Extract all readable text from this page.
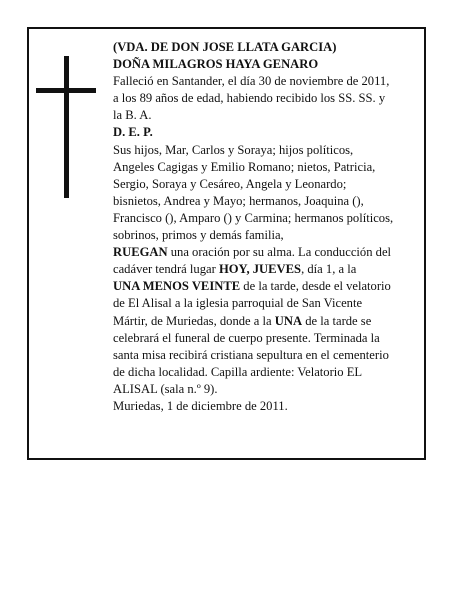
(VDA. DE DON JOSE LLATA GARCIA)
DOÑA MILAGROS HAYA GENARO
Falleció en Santander, el día 30 de noviembre de 2011,
a los 89 años de edad, habiendo recibido los SS. SS. y
la B. A.
D. E. P.
Sus hijos, Mar, Carlos y Soraya; hijos políticos,
Angeles Cagigas y Emilio Romano; nietos, Patricia,
Sergio, Soraya y Cesáreo, Angela y Leonardo;
bisnietos, Andrea y Mayo; hermanos, Joaquina (),
Francisco (), Amparo () y Carmina; hermanos políticos,
sobrinos, primos y demás familia,
RUEGAN una oración por su alma. La conducción del
cadáver tendrá lugar HOY, JUEVES, día 1, a la
UNA MENOS VEINTE de la tarde, desde el velatorio
de El Alisal a la iglesia parroquial de San Vicente
Mártir, de Muriedas, donde a la UNA de la tarde se
celebrará el funeral de cuerpo presente. Terminada la
santa misa recibirá cristiana sepultura en el cementerio
de dicha localidad. Capilla ardiente: Velatorio EL
ALISAL (sala n.º 9).
Muriedas, 1 de diciembre de 2011.
